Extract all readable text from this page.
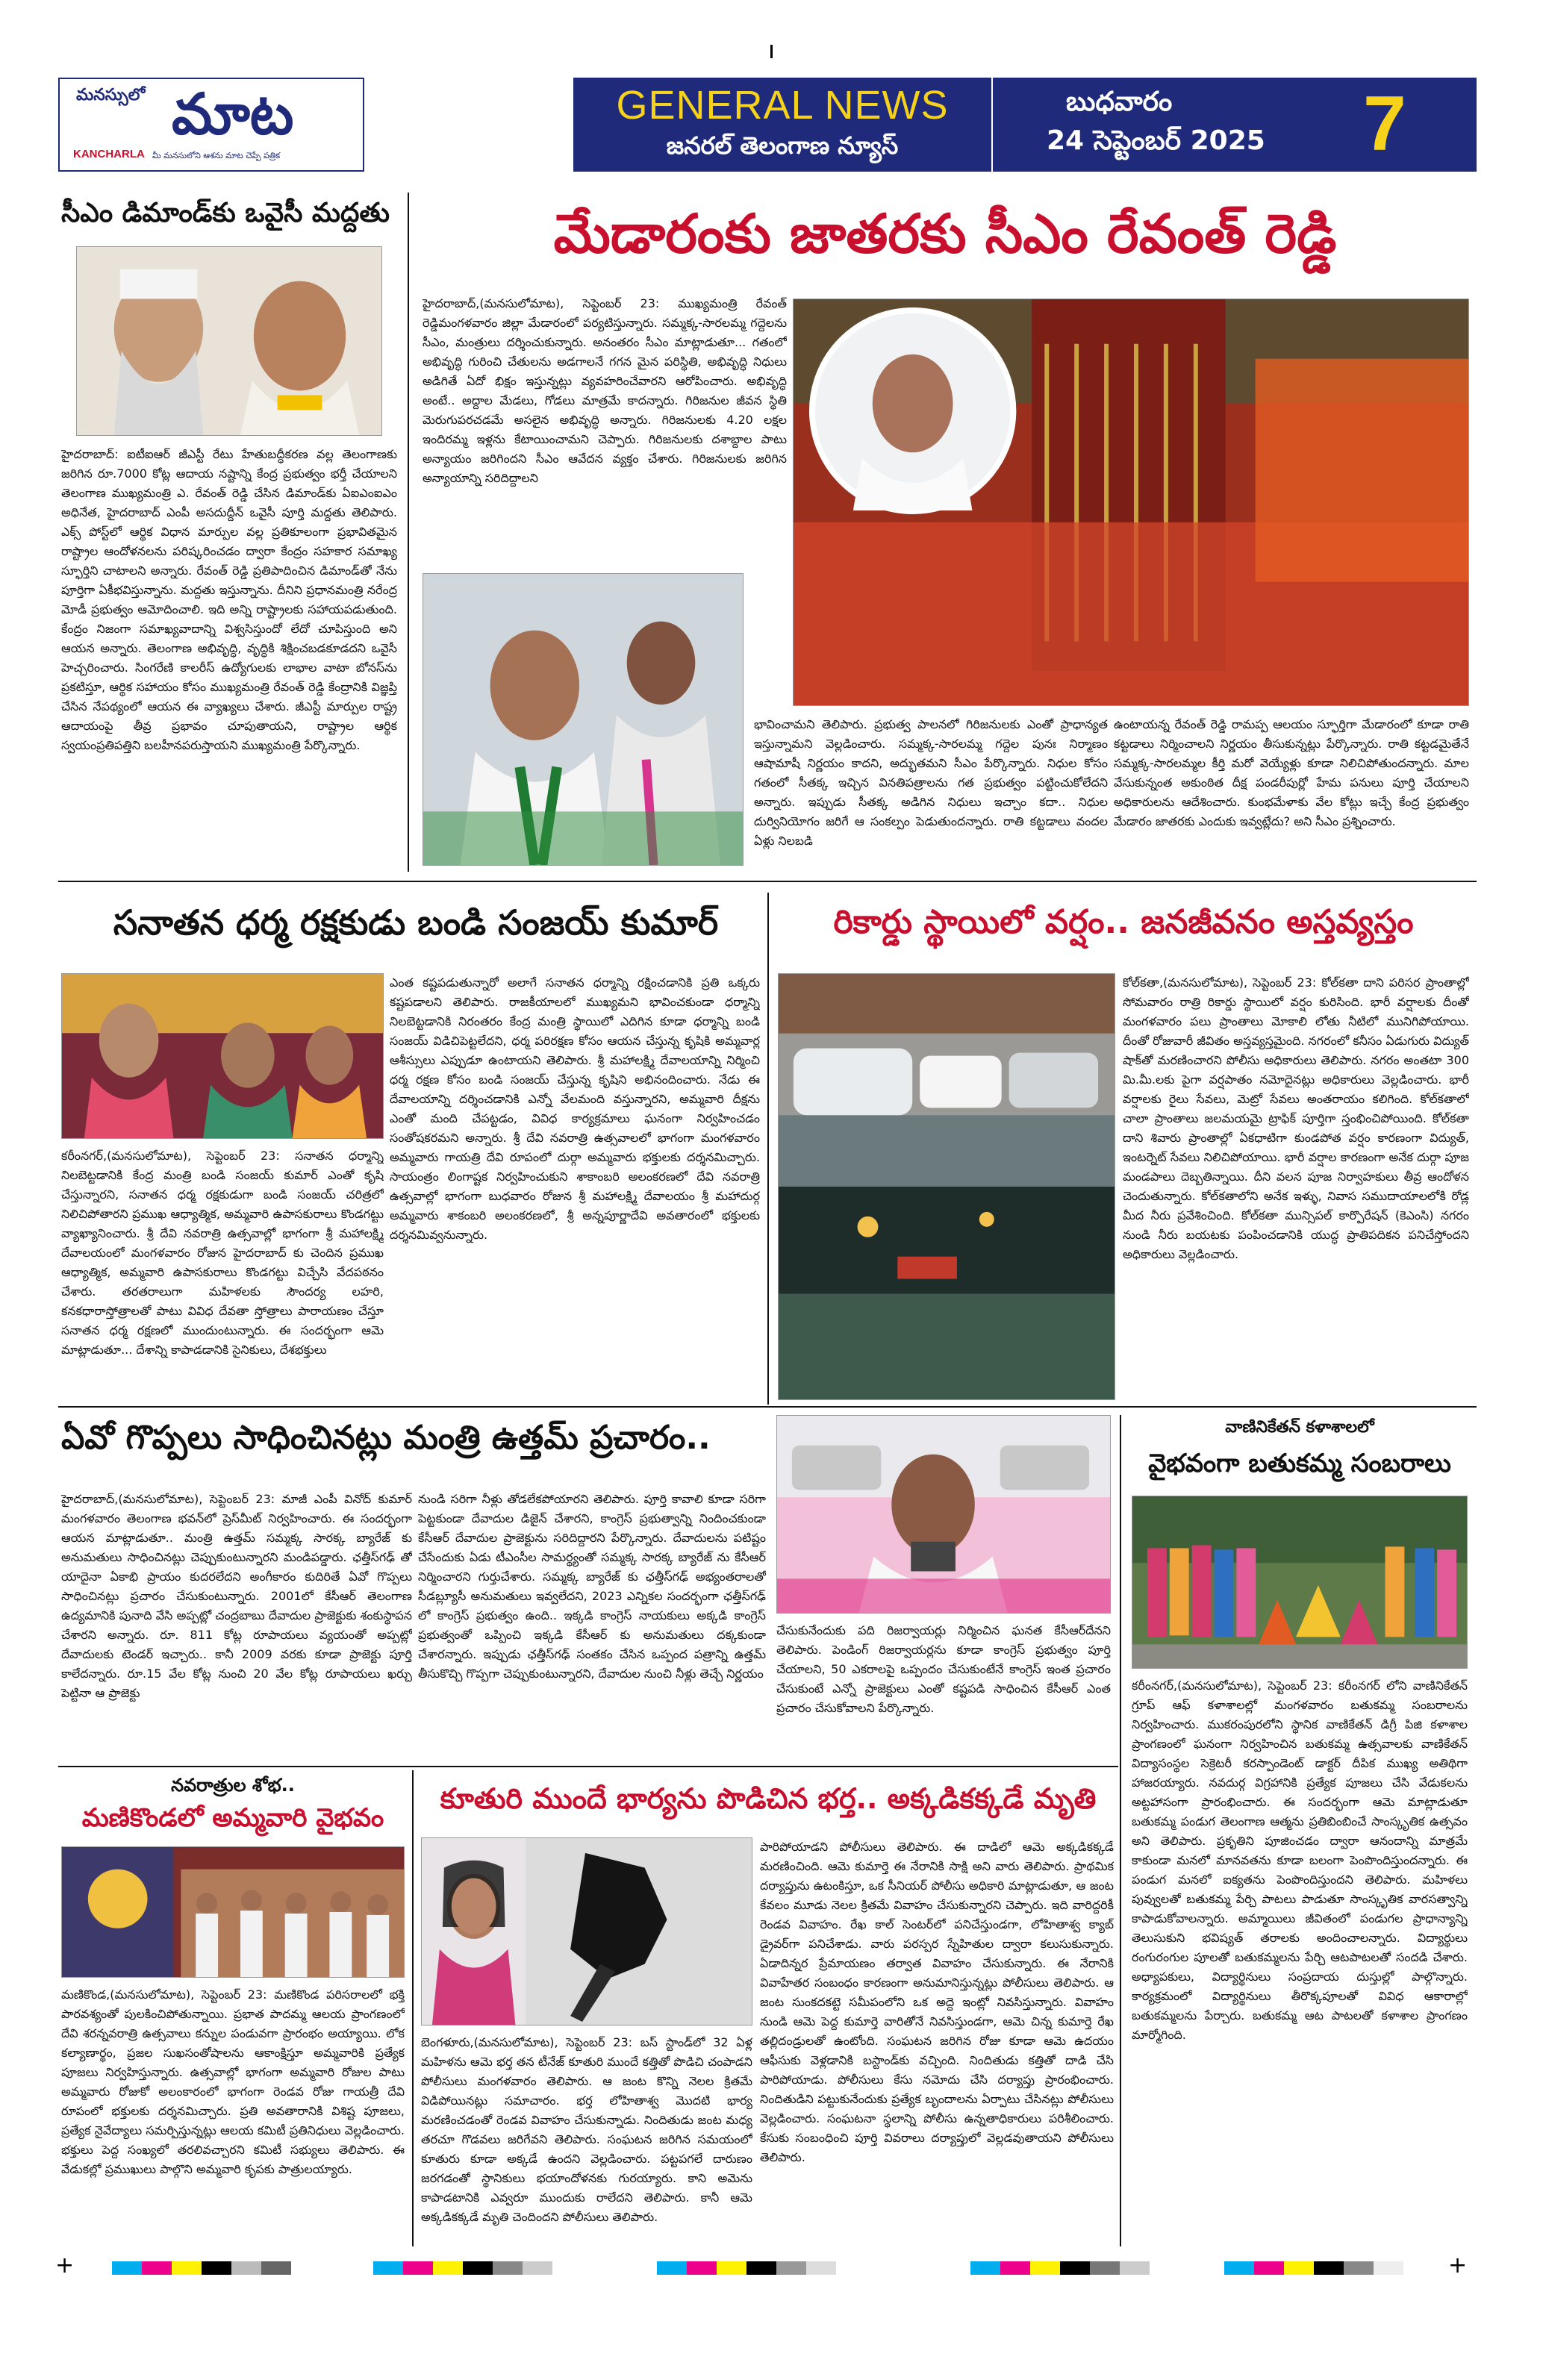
మనస్సులో మాట
KANCHARLA మీ మనసులోని ఆశను మాట చెప్పే పత్రిక
GENERAL NEWS
జనరల్ తెలంగాణ న్యూస్
బుధవారం
24 సెప్టెంబర్ 2025 7
సీఎం డిమాండ్‌కు ఒవైసీ మద్దతు
హైదరాబాద్‌: ఐటీఐఆర్‌ జీఎస్టీ రేటు హేతుబద్ధీకరణ వల్ల తెలంగాణకు జరిగిన రూ.7000 కోట్ల ఆదాయ నష్టాన్ని కేంద్ర ప్రభుత్వం భర్తీ చేయాలని తెలంగాణ ముఖ్యమంత్రి ఎ. రేవంత్‌ రెడ్డి చేసిన డిమాండ్‌కు ఏఐఎంఐఎం అధినేత, హైదరాబాద్‌ ఎంపీ అసదుద్దీన్‌ ఒవైసీ పూర్తి మద్దతు తెలిపారు. ఎక్స్‌ పోస్ట్‌లో ఆర్థిక విధాన మార్పుల వల్ల ప్రతికూలంగా ప్రభావితమైన రాష్ట్రాల ఆందోళనలను పరిష్కరించడం ద్వారా కేంద్రం సహకార సమాఖ్య స్ఫూర్తిని చాటాలని అన్నారు. రేవంత్‌ రెడ్డి ప్రతిపాదించిన డిమాండ్‌తో నేను పూర్తిగా ఏకీభవిస్తున్నాను. మద్దతు ఇస్తున్నాను. దీనిని ప్రధానమంత్రి నరేంద్ర మోడీ ప్రభుత్వం ఆమోదించాలి. ఇది అన్ని రాష్ట్రాలకు సహాయపడుతుంది. కేంద్రం నిజంగా సమాఖ్యవాదాన్ని విశ్వసిస్తుందో లేదో చూపిస్తుంది అని ఆయన అన్నారు. తెలంగాణ అభివృద్ధి, వృద్ధికి శిక్షించబడకూడదని ఒవైసీ హెచ్చరించారు. సింగరేణి కాలరీస్‌ ఉద్యోగులకు లాభాల వాటా బోనస్‌ను ప్రకటిస్తూ, ఆర్థిక సహాయం కోసం ముఖ్యమంత్రి రేవంత్‌ రెడ్డి కేంద్రానికి విజ్ఞప్తి చేసిన నేపథ్యంలో ఆయన ఈ వ్యాఖ్యలు చేశారు. జీఎస్టీ మార్పుల రాష్ట్ర ఆదాయంపై తీవ్ర ప్రభావం చూపుతాయని, రాష్ట్రాల ఆర్థిక స్వయంప్రతిపత్తిని బలహీనపరుస్తాయని ముఖ్యమంత్రి పేర్కొన్నారు.
మేడారంకు జాతరకు సీఎం రేవంత్‌ రెడ్డి
హైదరాబాద్‌,(మనసులోమాట), సెప్టెంబర్‌ 23: ముఖ్యమంత్రి రేవంత్‌ రెడ్డిమంగళవారం జిల్లా మేడారంలో పర్యటిస్తున్నారు. సమ్మక్క-సారలమ్మ గద్దెలను సీఎం, మంత్రులు దర్శించుకున్నారు. అనంతరం సీఎం మాట్లాడుతూ... గతంలో అభివృద్ధి గురించి చేతులను అడగాలనే గగన మైన పరిస్థితి, అభివృద్ధి నిధులు అడిగితే ఏదో భిక్షం ఇస్తున్నట్లు వ్యవహరించేవారని ఆరోపించారు. అభివృద్ధి అంటే.. అద్దాల మేడలు, గోడలు మాత్రమే కాదన్నారు. గిరిజనుల జీవన స్థితి మెరుగుపరచడమే అసలైన అభివృద్ధి అన్నారు. గిరిజనులకు 4.20 లక్షల ఇందిరమ్మ ఇళ్లను కేటాయించామని చెప్పారు. గిరిజనులకు దశాబ్దాల పాటు అన్యాయం జరిగిందని సీఎం ఆవేదన వ్యక్తం చేశారు. గిరిజనులకు జరిగిన అన్యాయాన్ని సరిదిద్దాలని
భావించామని తెలిపారు. ప్రభుత్వ పాలనలో గిరిజనులకు ఎంతో ప్రాధాన్యత ఇస్తున్నామని వెల్లడించారు. సమ్మక్క-సారలమ్మ గద్దెల పునః నిర్మాణం ఆషామాషీ నిర్ణయం కాదని, అద్భుతమని సీఎం పేర్కొన్నారు. నిధుల కోసం గతంలో సీతక్క ఇచ్చిన వినతిపత్రాలను గత ప్రభుత్వం పట్టించుకోలేదని అన్నారు. ఇప్పుడు సీతక్క అడిగిన నిధులు ఇచ్చాం కదా.. నిధుల దుర్వినియోగం జరిగే ఆ సంకల్పం పెడుతుందన్నారు. రాతి కట్టడాలు వందల ఏళ్లు నిలబడి
ఉంటాయన్న రేవంత్‌ రెడ్డి రామప్ప ఆలయం స్ఫూర్తిగా మేడారంలో కూడా రాతి కట్టడాలు నిర్మించాలని నిర్ణయం తీసుకున్నట్లు పేర్కొన్నారు. రాతి కట్టడమైతేనే సమ్మక్క-సారలమ్మల కీర్తి మరో వెయ్యేళ్లు కూడా నిలిచిపోతుందన్నారు. మాల వేసుకున్నంత అకుంఠిత దీక్ష పండరీపుర్లో హేమ పనులు పూర్తి చేయాలని అధికారులను ఆదేశించారు. కుంభమేళాకు వేల కోట్లు ఇచ్చే కేంద్ర ప్రభుత్వం మేడారం జాతరకు ఎందుకు ఇవ్వట్లేదు? అని సీఎం ప్రశ్నించారు.
సనాతన ధర్మ రక్షకుడు బండి సంజయ్‌ కుమార్‌
కరీంనగర్‌,(మనసులోమాట), సెప్టెంబర్‌ 23: సనాతన ధర్మాన్ని నిలబెట్టడానికి కేంద్ర మంత్రి బండి సంజయ్‌ కుమార్‌ ఎంతో కృషి చేస్తున్నారని, సనాతన ధర్మ రక్షకుడుగా బండి సంజయ్‌ చరిత్రలో నిలిచిపోతారని ప్రముఖ ఆధ్యాత్మిక, అమ్మవారి ఉపాసకురాలు కొండగట్టు వ్యాఖ్యానించారు. శ్రీ దేవి నవరాత్రి ఉత్సవాల్లో భాగంగా శ్రీ మహాలక్ష్మి దేవాలయంలో మంగళవారం రోజున హైదరాబాద్‌ కు చెందిన ప్రముఖ ఆధ్యాత్మిక, అమ్మవారి ఉపాసకురాలు కొండగట్టు విచ్చేసి వేదపఠనం చేశారు. తరతరాలుగా మహిళలకు సౌందర్య లహరి, కనకధారాస్తోత్రాలతో పాటు వివిధ దేవతా స్తోత్రాలు పారాయణం చేస్తూ సనాతన ధర్మ రక్షణలో ముందుంటున్నారు. ఈ సందర్భంగా ఆమె మాట్లాడుతూ... దేశాన్ని కాపాడడానికి సైనికులు, దేశభక్తులు
ఎంత కష్టపడుతున్నారో అలాగే సనాతన ధర్మాన్ని రక్షించడానికి ప్రతి ఒక్కరు కష్టపడాలని తెలిపారు. రాజకీయాలలో ముఖ్యమని భావించకుండా ధర్మాన్ని నిలబెట్టడానికి నిరంతరం కేంద్ర మంత్రి స్థాయిలో ఎదిగిన కూడా ధర్మాన్ని బండి సంజయ్‌ విడిచిపెట్టలేదని, ధర్మ పరిరక్షణ కోసం ఆయన చేస్తున్న కృషికి అమ్మవార్ల ఆశీస్సులు ఎప్పుడూ ఉంటాయని తెలిపారు. శ్రీ మహాలక్ష్మి దేవాలయాన్ని నిర్మించి ధర్మ రక్షణ కోసం బండి సంజయ్‌ చేస్తున్న కృషిని అభినందించారు. నేడు ఈ దేవాలయాన్ని దర్శించడానికి ఎన్నో వేలమంది వస్తున్నారని, అమ్మవారి దీక్షను ఎంతో మంది చేపట్టడం, వివిధ కార్యక్రమాలు ఘనంగా నిర్వహించడం సంతోషకరమని అన్నారు. శ్రీ దేవి నవరాత్రి ఉత్సవాలలో భాగంగా మంగళవారం అమ్మవారు గాయత్రి దేవి రూపంలో దుర్గా అమ్మవారు భక్తులకు దర్శనమిచ్చారు. సాయంత్రం లింగాష్టక నిర్వహించుకుని శాకాంబరి అలంకరణలో దేవి నవరాత్రి ఉత్సవాల్లో భాగంగా బుధవారం రోజున శ్రీ మహాలక్ష్మి దేవాలయం శ్రీ మహాదుర్గ అమ్మవారు శాకంబరి అలంకరణలో, శ్రీ అన్నపూర్ణాదేవి అవతారంలో భక్తులకు దర్శనమివ్వనున్నారు.
రికార్డు స్థాయిలో వర్షం.. జనజీవనం అస్తవ్యస్తం
కోల్‌కతా,(మనసులోమాట), సెప్టెంబర్‌ 23: కోల్‌కతా దాని పరిసర ప్రాంతాల్లో సోమవారం రాత్రి రికార్డు స్థాయిలో వర్షం కురిసింది. భారీ వర్షాలకు దీంతో మంగళవారం పలు ప్రాంతాలు మోకాలి లోతు నీటిలో మునిగిపోయాయి. దీంతో రోజువారీ జీవితం అస్తవ్యస్తమైంది. నగరంలో కనీసం ఏడుగురు విద్యుత్‌ షాక్‌తో మరణించారని పోలీసు అధికారులు తెలిపారు. నగరం అంతటా 300 మి.మీ.లకు పైగా వర్షపాతం నమోదైనట్లు అధికారులు వెల్లడించారు. భారీ వర్షాలకు రైలు సేవలు, మెట్రో సేవలు అంతరాయం కలిగింది. కోల్‌కతాలో చాలా ప్రాంతాలు జలమయమై ట్రాఫిక్‌ పూర్తిగా స్తంభించిపోయింది. కోల్‌కతా దాని శివారు ప్రాంతాల్లో ఏకధాటిగా కుండపోత వర్షం కారణంగా విద్యుత్‌, ఇంటర్నెట్‌ సేవలు నిలిచిపోయాయి. భారీ వర్షాల కారణంగా అనేక దుర్గా పూజ మండపాలు దెబ్బతిన్నాయి. దీని వలన పూజ నిర్వాహకులు తీవ్ర ఆందోళన చెందుతున్నారు. కోల్‌కతాలోని అనేక ఇళ్ళు, నివాస సముదాయాలలోకి రోడ్ల మీద నీరు ప్రవేశించింది. కోల్‌కతా మున్సిపల్‌ కార్పొరేషన్‌ (కెఎంసి) నగరం నుండి నీరు బయటకు పంపించడానికి యుద్ధ ప్రాతిపదికన పనిచేస్తోందని అధికారులు వెల్లడించారు.
ఏవో గొప్పలు సాధించినట్లు మంత్రి ఉత్తమ్‌ ప్రచారం..
హైదరాబాద్‌,(మనసులోమాట), సెప్టెంబర్‌ 23: మాజీ ఎంపీ వినోద్‌ కుమార్‌ మంగళవారం తెలంగాణ భవన్‌లో ప్రెస్‌మీట్‌ నిర్వహించారు. ఈ సందర్భంగా ఆయన మాట్లాడుతూ.. మంత్రి ఉత్తమ్‌ సమ్మక్క సారక్క బ్యారేజ్‌ కు అనుమతులు సాధించినట్లు చెప్పుకుంటున్నారని మండిపడ్డారు. ఛత్తీస్‌గఢ్‌ తో యాదైనా ఏకాభి ప్రాయం కుదరలేదని అంగీకారం కుదిరితే ఏవో గొప్పలు సాధించినట్లు ప్రచారం చేసుకుంటున్నారు. 2001లో కేసీఆర్‌ తెలంగాణ ఉద్యమానికి పునాది వేసి అప్పట్లో చంద్రబాబు దేవాదుల ప్రాజెక్టుకు శంకుస్థాపన చేశారని అన్నారు. రూ. 811 కోట్ల రూపాయలు వ్యయంతో అప్పట్లో దేవాదులకు టెండర్‌ ఇచ్చారు.. కానీ 2009 వరకు కూడా ప్రాజెక్టు పూర్తి కాలేదన్నారు. రూ.15 వేల కోట్ల నుంచి 20 వేల కోట్ల రూపాయలు ఖర్చు పెట్టినా ఆ ప్రాజెక్టు
నుండి సరిగా నీళ్లు తోడలేకపోయారని తెలిపారు. పూర్తి కావాలి కూడా సరిగా పెట్టకుండా దేవాదుల డిజైన్‌ చేశారని, కాంగ్రెస్‌ ప్రభుత్వాన్ని నిందించకుండా కేసీఆర్‌ దేవాదుల ప్రాజెక్టును సరిదిద్దారని పేర్కొన్నారు. దేవాదులను పటిష్టం చేసేందుకు ఏడు టీఎంసీల సామర్థ్యంతో సమ్మక్క సారక్క బ్యారేజ్‌ ను కేసీఆర్‌ నిర్మించారని గుర్తుచేశారు. సమ్మక్క బ్యారేజ్‌ కు ఛత్తీస్‌గఢ్‌ అభ్యంతరాలతో సీడబ్ల్యూసీ అనుమతులు ఇవ్వలేదని, 2023 ఎన్నికల సందర్భంగా ఛత్తీస్‌గఢ్‌ లో కాంగ్రెస్‌ ప్రభుత్వం ఉంది.. ఇక్కడి కాంగ్రెస్‌ నాయకులు అక్కడి కాంగ్రెస్‌ ప్రభుత్వంతో ఒప్పించి ఇక్కడి కేసీఆర్‌ కు అనుమతులు దక్కకుండా చేశారన్నారు. ఇప్పుడు ఛత్తీస్‌గఢ్‌ సంతకం చేసిన ఒప్పంద పత్రాన్ని ఉత్తమ్‌ తీసుకొచ్చి గొప్పగా చెప్పుకుంటున్నారని, దేవాదుల నుంచి నీళ్లు తెచ్చే నిర్ణయం
చేసుకునేందుకు పది రిజర్వాయర్లు నిర్మించిన ఘనత కేసీఆర్‌దేనని తెలిపారు. పెండింగ్‌ రిజర్వాయర్లను కూడా కాంగ్రెస్‌ ప్రభుత్వం పూర్తి చేయాలని, 50 ఎకరాలపై ఒప్పందం చేసుకుంటేనే కాంగ్రెస్‌ ఇంత ప్రచారం చేసుకుంటే ఎన్నో ప్రాజెక్టులు ఎంతో కష్టపడి సాధించిన కేసీఆర్‌ ఎంత ప్రచారం చేసుకోవాలని పేర్కొన్నారు.
వాణినికేతన్‌ కళాశాలలో
వైభవంగా బతుకమ్మ సంబరాలు
కరీంనగర్‌,(మనసులోమాట), సెప్టెంబర్‌ 23: కరీంనగర్‌ లోని వాణినికేతన్‌ గ్రూప్‌ ఆఫ్‌ కళాశాలల్లో మంగళవారం బతుకమ్మ సంబరాలను నిర్వహించారు. ముకరంపురలోని స్థానిక వాణికేతన్‌ డిగ్రీ పిజి కళాశాల ప్రాంగణంలో ఘనంగా నిర్వహించిన బతుకమ్మ ఉత్సవాలకు వాణికేతన్‌ విద్యాసంస్థల సెక్రెటరీ కరస్పాండెంట్‌ డాక్టర్‌ దీపిక ముఖ్య అతిథిగా హాజరయ్యారు. నవదుర్గ విగ్రహానికి ప్రత్యేక పూజలు చేసి వేడుకలను అట్టహాసంగా ప్రారంభించారు. ఈ సందర్భంగా ఆమె మాట్లాడుతూ బతుకమ్మ పండుగ తెలంగాణ ఆత్మను ప్రతిబింబించే సాంస్కృతిక ఉత్సవం అని తెలిపారు. ప్రకృతిని పూజించడం ద్వారా ఆనందాన్ని మాత్రమే కాకుండా మనలో మానవతను కూడా బలంగా పెంపొందిస్తుందన్నారు. ఈ పండుగ మనలో ఐక్యతను పెంపొందిస్తుందని తెలిపారు. మహిళలు పువ్వులతో బతుకమ్మ పేర్చి పాటలు పాడుతూ సాంస్కృతిక వారసత్వాన్ని కాపాడుకోవాలన్నారు. అమ్మాయిలు జీవితంలో పండుగల ప్రాధాన్యాన్ని తెలుసుకుని భవిష్యత్‌ తరాలకు అందించాలన్నారు. విద్యార్థులు రంగురంగుల పూలతో బతుకమ్మలను పేర్చి ఆటపాటలతో సందడి చేశారు. అధ్యాపకులు, విద్యార్థినులు సంప్రదాయ దుస్తుల్లో పాల్గొన్నారు. కార్యక్రమంలో విద్యార్థినులు తీరొక్కపూలతో వివిధ ఆకారాల్లో బతుకమ్మలను పేర్చారు. బతుకమ్మ ఆట పాటలతో కళాశాల ప్రాంగణం మార్మోగింది.
నవరాత్రుల శోభ..
మణికొండలో అమ్మవారి వైభవం
మణికొండ,(మనసులోమాట), సెప్టెంబర్‌ 23: మణికొండ పరిసరాలలో భక్తి పారవశ్యంతో పులకించిపోతున్నాయి. ప్రభాత పాదమ్మ ఆలయ ప్రాంగణంలో దేవి శరన్నవరాత్రి ఉత్సవాలు కన్నుల పండువగా ప్రారంభం అయ్యాయి. లోక కల్యాణార్థం, ప్రజల సుఖసంతోషాలను ఆకాంక్షిస్తూ అమ్మవారికి ప్రత్యేక పూజలు నిర్వహిస్తున్నారు. ఉత్సవాల్లో భాగంగా అమ్మవారి రోజుల పాటు అమ్మవారు రోజుకో అలంకారంలో భాగంగా రెండవ రోజు గాయత్రీ దేవి రూపంలో భక్తులకు దర్శనమిచ్చారు. ప్రతి అవతారానికి విశిష్ట పూజలు, ప్రత్యేక నైవేద్యాలు సమర్పిస్తున్నట్లు ఆలయ కమిటీ ప్రతినిధులు వెల్లడించారు. భక్తులు పెద్ద సంఖ్యలో తరలివచ్చారని కమిటీ సభ్యులు తెలిపారు. ఈ వేడుకల్లో ప్రముఖులు పాల్గొని అమ్మవారి కృపకు పాత్రులయ్యారు.
కూతురి ముందే భార్యను పొడిచిన భర్త.. అక్కడికక్కడే మృతి
బెంగళూరు,(మనసులోమాట), సెప్టెంబర్‌ 23: బస్‌ స్టాండ్‌లో 32 ఏళ్ల మహిళను ఆమె భర్త తన టీనేజ్‌ కూతురి ముందే కత్తితో పొడిచి చంపాడని పోలీసులు మంగళవారం తెలిపారు. ఆ జంట కొన్ని నెలల క్రితమే విడిపోయినట్లు సమాచారం. భర్త లోహితాశ్వ మొదటి భార్య మరణించడంతో రెండవ వివాహం చేసుకున్నాడు. నిందితుడు జంట మధ్య తరచూ గొడవలు జరిగేవని తెలిపారు. సంఘటన జరిగిన సమయంలో కూతురు కూడా అక్కడే ఉందని వెల్లడించారు. పట్టపగలే దారుణం జరగడంతో స్థానికులు భయాందోళనకు గురయ్యారు. కాని అమెను కాపాడటానికి ఎవ్వరూ ముందుకు రాలేదని తెలిపారు. కానీ ఆమె అక్కడికక్కడే మృతి చెందిందని పోలీసులు తెలిపారు.
పారిపోయాడని పోలీసులు తెలిపారు. ఈ దాడిలో ఆమె అక్కడికక్కడే మరణించింది. ఆమె కుమార్తె ఈ నేరానికి సాక్షి అని వారు తెలిపారు. ప్రాథమిక దర్యాప్తును ఉటంకిస్తూ, ఒక సీనియర్‌ పోలీసు అధికారి మాట్లాడుతూ, ఆ జంట కేవలం మూడు నెలల క్రితమే వివాహం చేసుకున్నారని చెప్పారు. ఇది వారిద్దరికీ రెండవ వివాహం. రేఖ కాల్‌ సెంటర్‌లో పనిచేస్తుండగా, లోహితాశ్వ క్యాబ్‌ డ్రైవర్‌గా పనిచేశాడు. వారు పరస్పర స్నేహితుల ద్వారా కలుసుకున్నారు. ఏడాదిన్నర ప్రేమాయణం తర్వాత వివాహం చేసుకున్నారు. ఈ నేరానికి వివాహేతర సంబంధం కారణంగా అనుమానిస్తున్నట్లు పోలీసులు తెలిపారు. ఆ జంట సుంకదకట్టె సమీపంలోని ఒక అద్దె ఇంట్లో నివసిస్తున్నారు. వివాహం నుండి ఆమె పెద్ద కుమార్తె వారితోనే నివసిస్తుండగా, ఆమె చిన్న కుమార్తె రేఖ తల్లిదండ్రులతో ఉంటోంది. సంఘటన జరిగిన రోజు కూడా ఆమె ఉదయం ఆఫీసుకు వెళ్లడానికి బస్టాండ్‌కు వచ్చింది. నిందితుడు కత్తితో దాడి చేసి పారిపోయాడు. పోలీసులు కేసు నమోదు చేసి దర్యాప్తు ప్రారంభించారు. నిందితుడిని పట్టుకునేందుకు ప్రత్యేక బృందాలను ఏర్పాటు చేసినట్లు పోలీసులు వెల్లడించారు. సంఘటనా స్థలాన్ని పోలీసు ఉన్నతాధికారులు పరిశీలించారు. కేసుకు సంబంధించి పూర్తి వివరాలు దర్యాప్తులో వెల్లడవుతాయని పోలీసులు తెలిపారు.
+	+
